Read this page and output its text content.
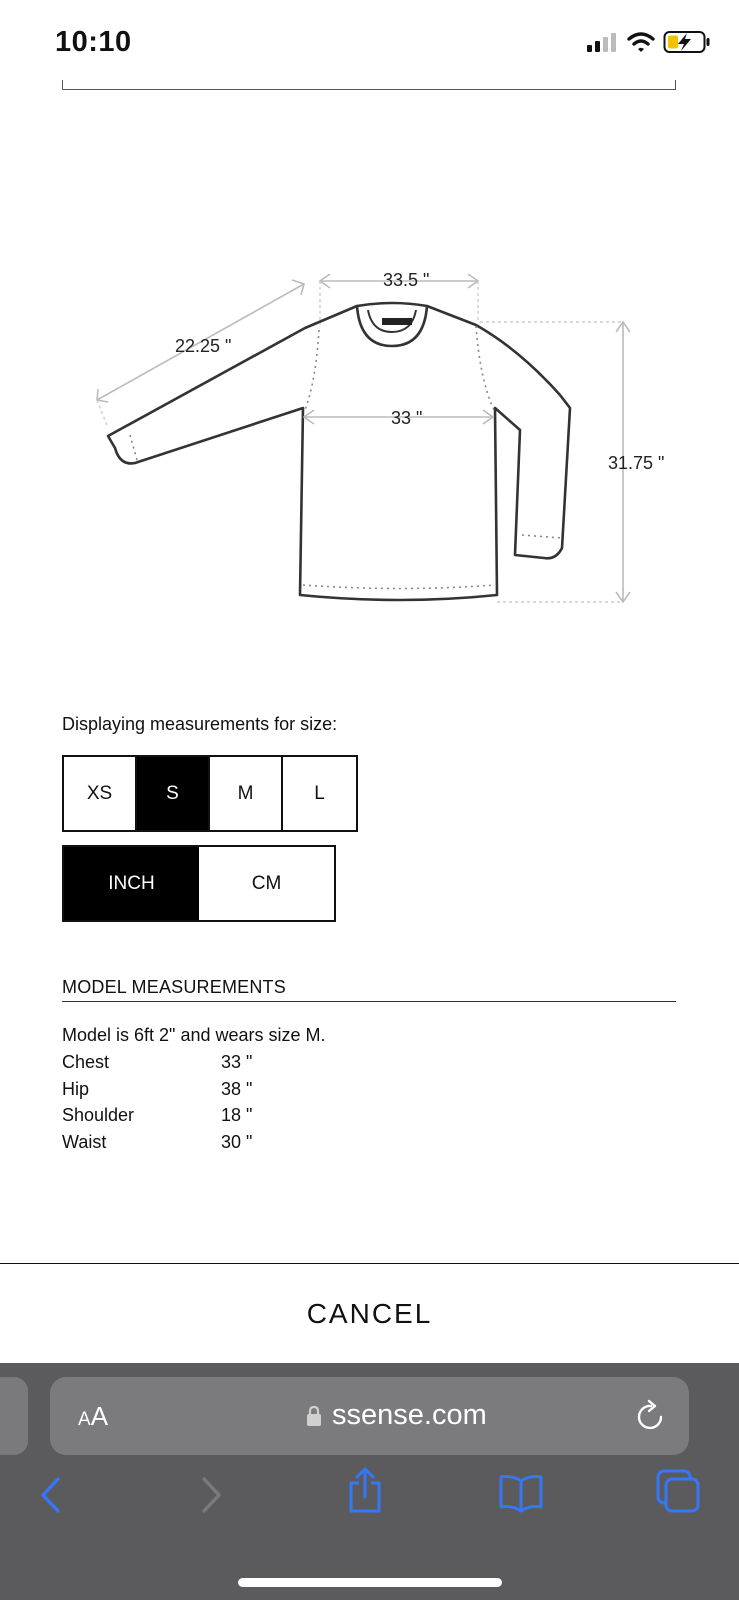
10:10
33.5 "
22.25 "
33 "
31.75 "
Displaying measurements for size:
XS	S	M	L
INCH	CM
MODEL MEASUREMENTS
Model is 6ft 2" and wears size M.
Chest	33 "
Hip	38 "
Shoulder	18 "
Waist	30 "
CANCEL
AA	ssense.com
